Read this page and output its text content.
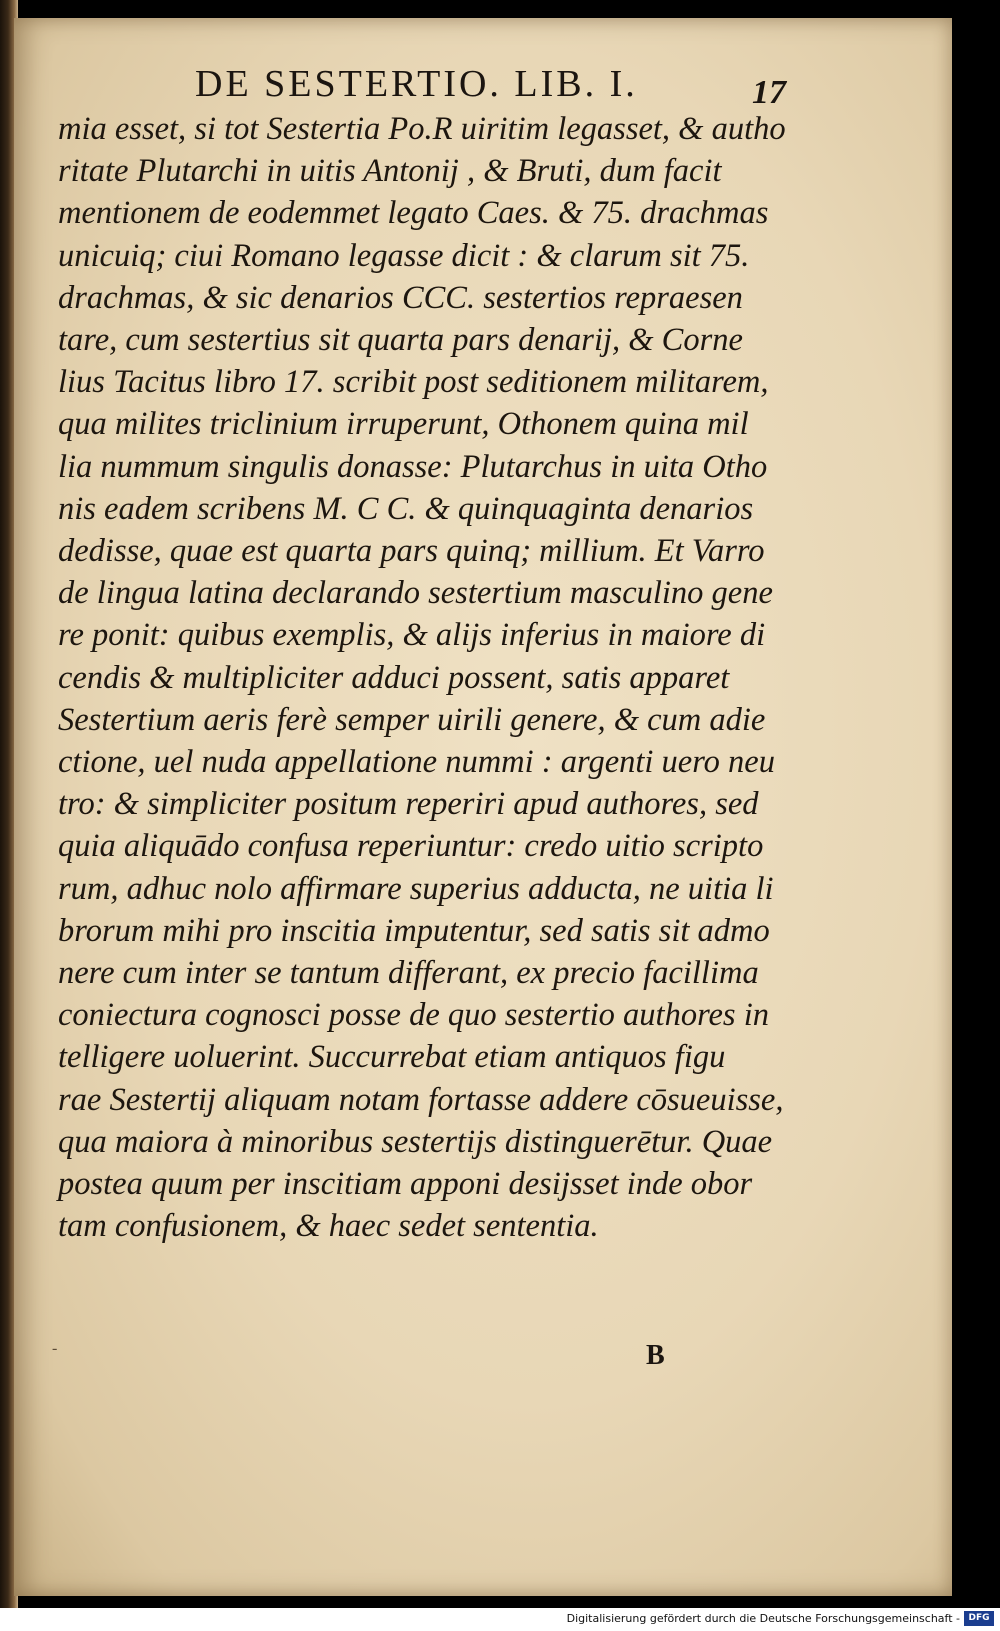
DE SESTERTIO. LIB. I.	17
mia esset, si tot Sestertia Po.R uiritim legasset, & autho
ritate Plutarchi in uitis Antonij , & Bruti, dum facit
mentionem de eodemmet legato Caes. & 75. drachmas
unicuiq; ciui Romano legasse dicit : & clarum sit 75.
drachmas, & sic denarios CCC. sestertios repraesen
tare, cum sestertius sit quarta pars denarij, & Corne
lius Tacitus libro 17. scribit post seditionem militarem,
qua milites triclinium irruperunt, Othonem quina mil
lia nummum singulis donasse: Plutarchus in uita Otho
nis eadem scribens M. C C. & quinquaginta denarios
dedisse, quae est quarta pars quinq; millium. Et Varro
de lingua latina declarando sestertium masculino gene
re ponit: quibus exemplis, & alijs inferius in maiore di
cendis & multipliciter adduci possent, satis apparet
Sestertium aeris ferè semper uirili genere, & cum adie
ctione, uel nuda appellatione nummi : argenti uero neu
tro: & simpliciter positum reperiri apud authores, sed
quia aliquādo confusa reperiuntur: credo uitio scripto
rum, adhuc nolo affirmare superius adducta, ne uitia li
brorum mihi pro inscitia imputentur, sed satis sit admo
nere cum inter se tantum differant, ex precio facillima
coniectura cognosci posse de quo sestertio authores in
telligere uoluerint. Succurrebat etiam antiquos figu
rae Sestertij aliquam notam fortasse addere cōsueuisse,
qua maiora à minoribus sestertijs distinguerētur. Quae
postea quum per inscitiam apponi desijsset inde obor
tam confusionem, & haec sedet sententia.
-	B
Digitalisierung gefördert durch die Deutsche Forschungsgemeinschaft - DFG
